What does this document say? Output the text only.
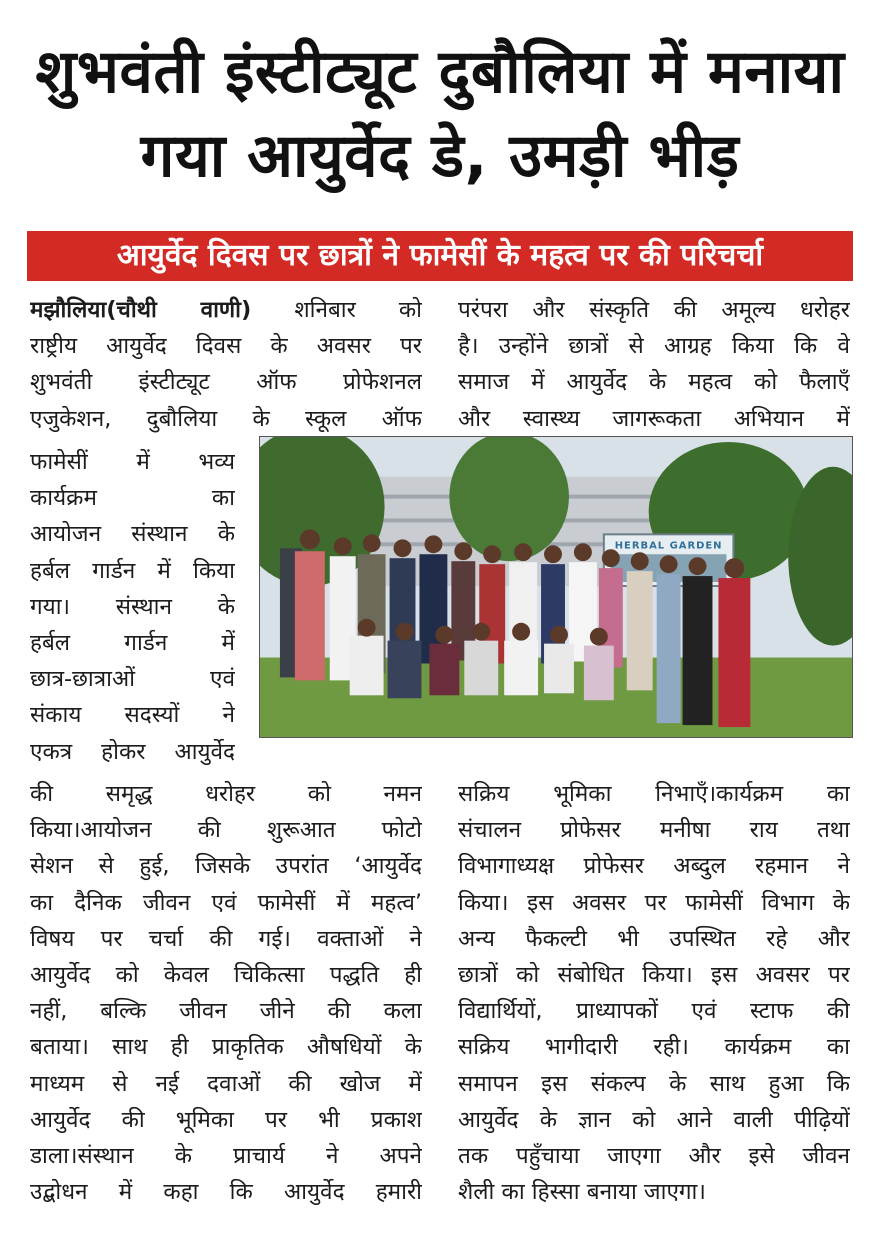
शुभवंती इंस्टीट्यूट दुबौलिया में मनाया
गया आयुर्वेद डे, उमड़ी भीड़
आयुर्वेद दिवस पर छात्रों ने फामेसीं के महत्व पर की परिचर्चा
मझौलिया(चौथी वाणी) शनिबार को
राष्ट्रीय आयुर्वेद दिवस के अवसर पर
शुभवंती इंस्टीट्यूट ऑफ प्रोफेशनल
एजुकेशन, दुबौलिया के स्कूल ऑफ
फामेसीं में भव्य
कार्यक्रम का
आयोजन संस्थान के
हर्बल गार्डन में किया
गया। संस्थान के
हर्बल गार्डन में
छात्र-छात्राओं एवं
संकाय सदस्यों ने
एकत्र होकर आयुर्वेद
की समृद्ध धरोहर को नमन
किया।आयोजन की शुरूआत फोटो
सेशन से हुई, जिसके उपरांत ‘आयुर्वेद
का दैनिक जीवन एवं फामेसीं में महत्व’
विषय पर चर्चा की गई। वक्ताओं ने
आयुर्वेद को केवल चिकित्सा पद्धति ही
नहीं, बल्कि जीवन जीने की कला
बताया। साथ ही प्राकृतिक औषधियों के
माध्यम से नई दवाओं की खोज में
आयुर्वेद की भूमिका पर भी प्रकाश
डाला।संस्थान के प्राचार्य ने अपने
उद्बोधन में कहा कि आयुर्वेद हमारी
परंपरा और संस्कृति की अमूल्य धरोहर
है। उन्होंने छात्रों से आग्रह किया कि वे
समाज में आयुर्वेद के महत्व को फैलाएँ
और स्वास्थ्य जागरूकता अभियान में
सक्रिय भूमिका निभाएँ।कार्यक्रम का
संचालन प्रोफेसर मनीषा राय तथा
विभागाध्यक्ष प्रोफेसर अब्दुल रहमान ने
किया। इस अवसर पर फामेसीं विभाग के
अन्य फैकल्टी भी उपस्थित रहे और
छात्रों को संबोधित किया। इस अवसर पर
विद्यार्थियों, प्राध्यापकों एवं स्टाफ की
सक्रिय भागीदारी रही। कार्यक्रम का
समापन इस संकल्प के साथ हुआ कि
आयुर्वेद के ज्ञान को आने वाली पीढ़ियों
तक पहुँचाया जाएगा और इसे जीवन
शैली का हिस्सा बनाया जाएगा।
HERBAL GARDEN
